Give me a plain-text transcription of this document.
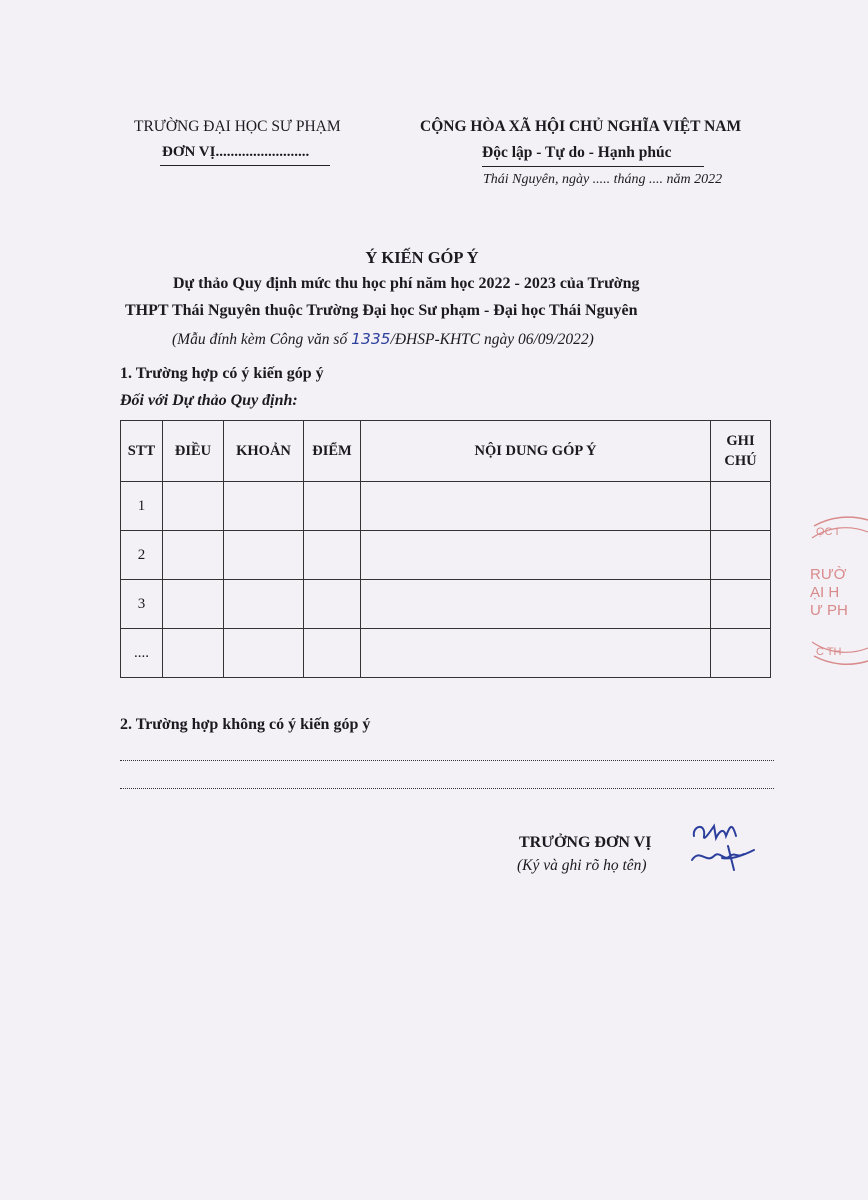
TRƯỜNG ĐẠI HỌC SƯ PHẠM
ĐƠN VỊ.........................
CỘNG HÒA XÃ HỘI CHỦ NGHĨA VIỆT NAM
Độc lập - Tự do - Hạnh phúc
Thái Nguyên, ngày ..... tháng .... năm 2022
Ý KIẾN GÓP Ý
Dự thảo Quy định mức thu học phí năm học 2022 - 2023 của Trường
THPT Thái Nguyên thuộc Trường Đại học Sư phạm - Đại học Thái Nguyên
(Mẫu đính kèm Công văn số 1335/ĐHSP-KHTC ngày 06/09/2022)
1. Trường hợp có ý kiến góp ý
Đối với Dự thảo Quy định:
STT	ĐIỀU	KHOẢN	ĐIỂM	NỘI DUNG GÓP Ý	GHI CHÚ
1					
2					
3					
....					
2. Trường hợp không có ý kiến góp ý
TRƯỞNG ĐƠN VỊ
(Ký và ghi rõ họ tên)
ỌC I
RƯỜ
ẠI H
Ư PH
C TH
